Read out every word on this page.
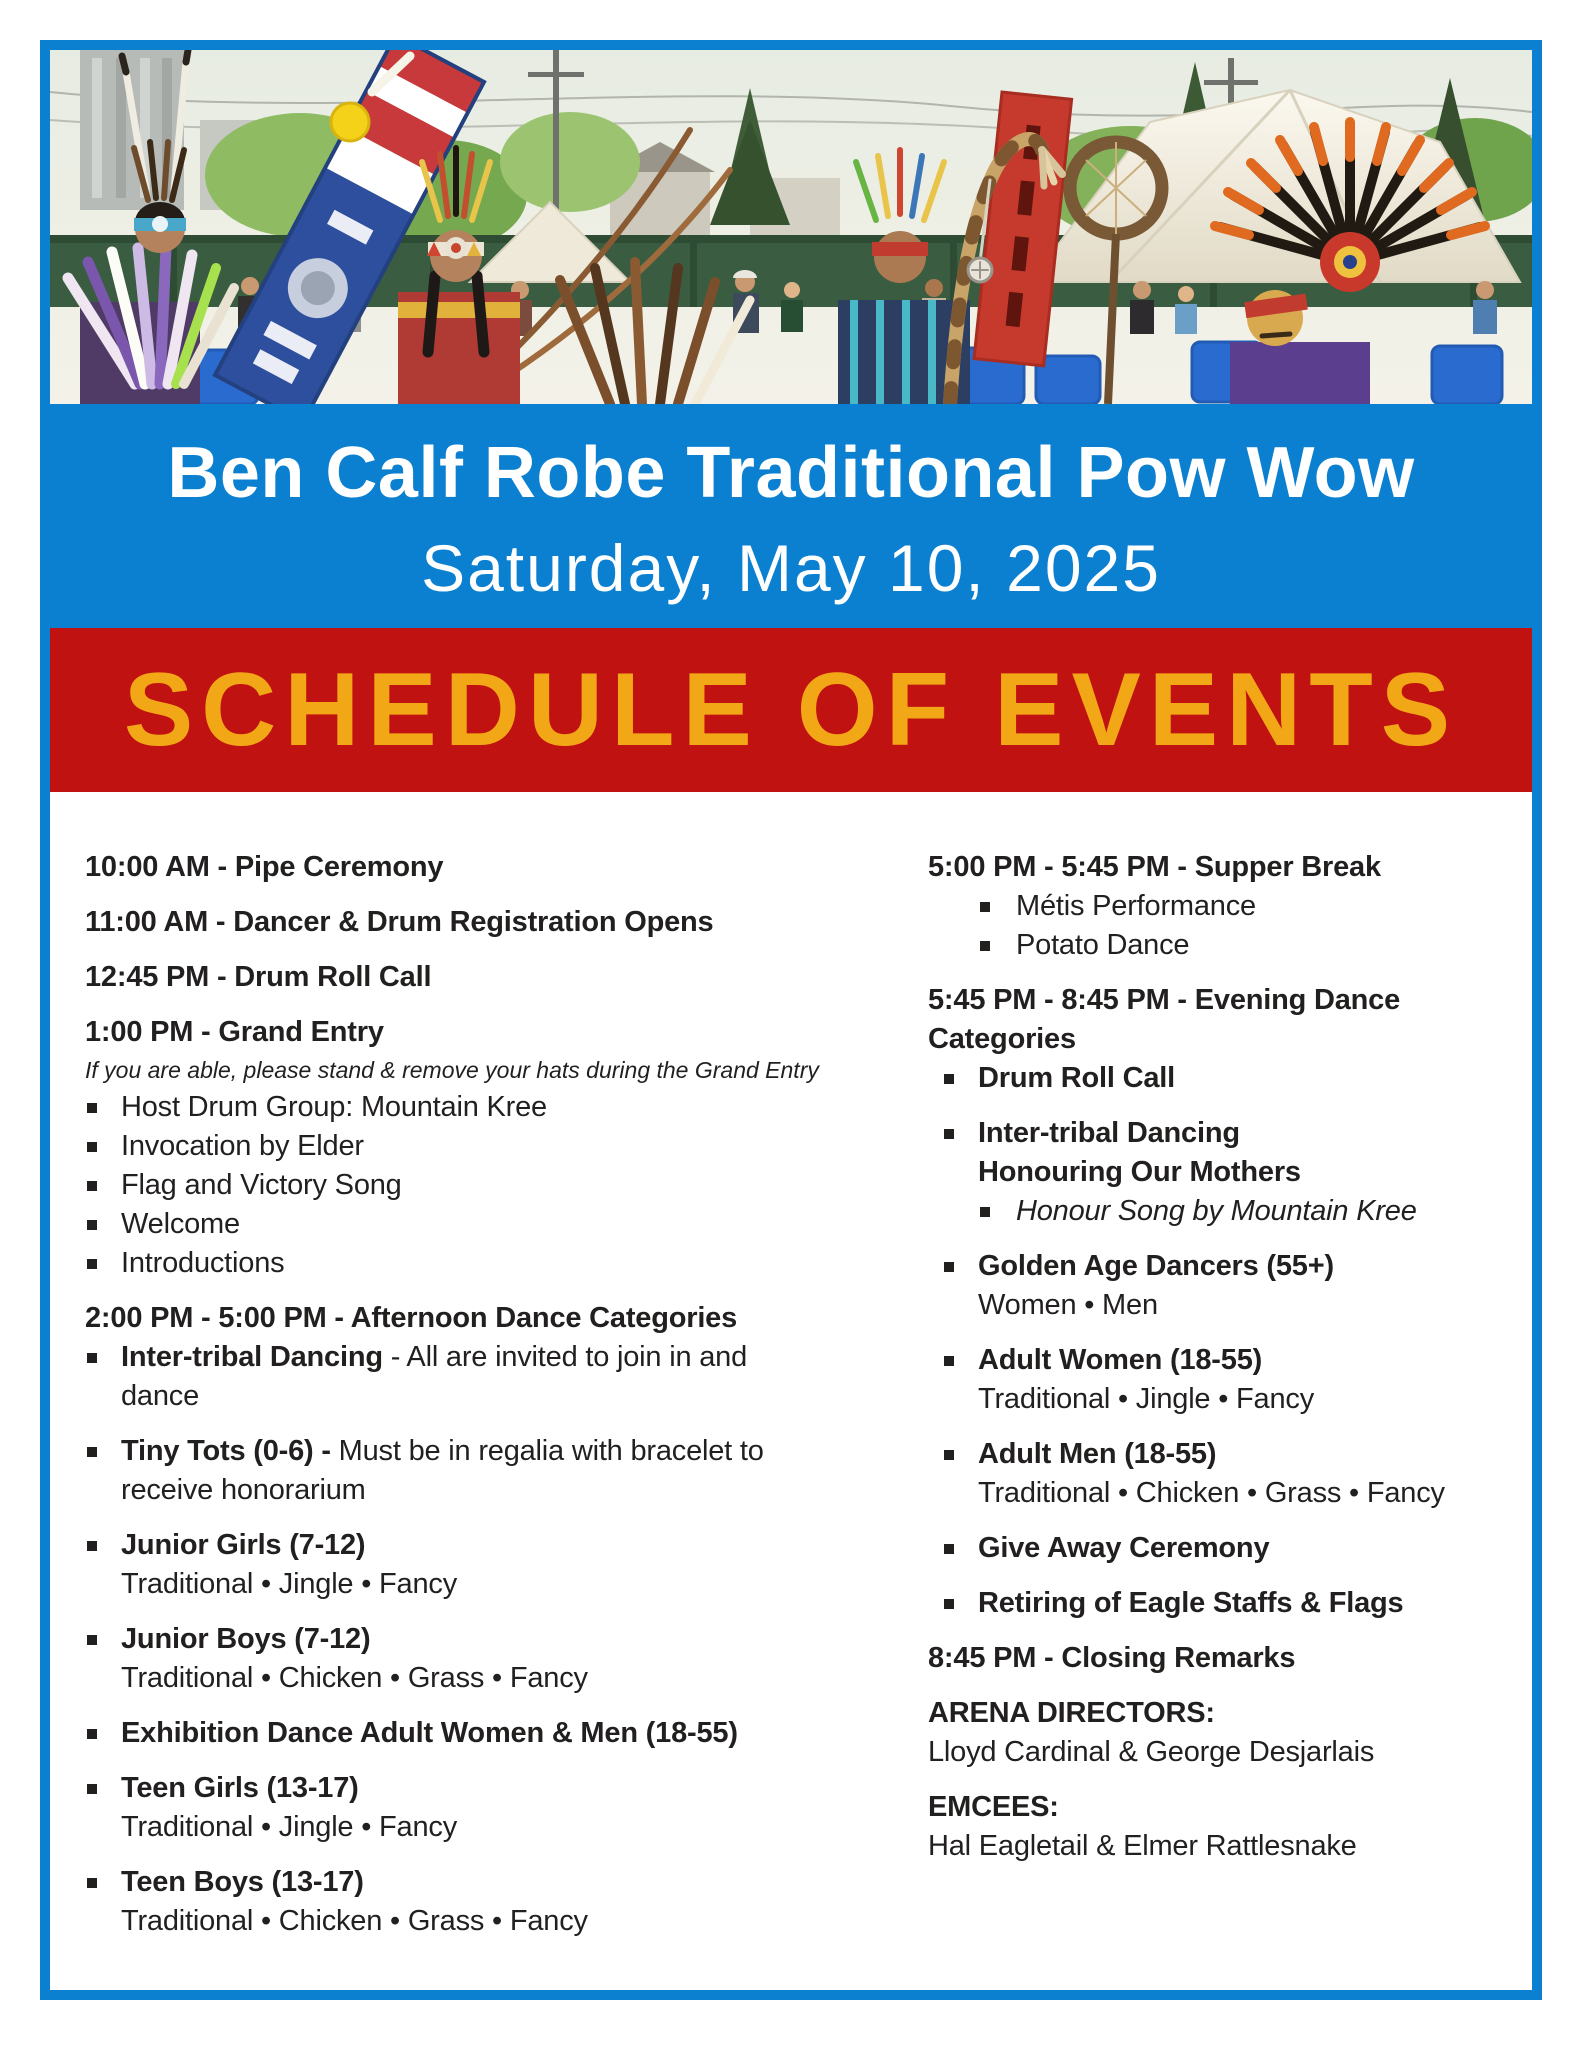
Ben Calf Robe Traditional Pow Wow
Saturday, May 10, 2025
SCHEDULE OF EVENTS
10:00 AM - Pipe Ceremony
11:00 AM - Dancer & Drum Registration Opens
12:45 PM - Drum Roll Call
1:00 PM - Grand Entry
If you are able, please stand & remove your hats during the Grand Entry
Host Drum Group: Mountain Kree
Invocation by Elder
Flag and Victory Song
Welcome
Introductions
2:00 PM - 5:00 PM - Afternoon Dance Categories
Inter-tribal Dancing - All are invited to join in and
dance
Tiny Tots (0-6) - Must be in regalia with bracelet to
receive honorarium
Junior Girls (7-12)
Traditional • Jingle • Fancy
Junior Boys (7-12)
Traditional • Chicken • Grass • Fancy
Exhibition Dance Adult Women & Men (18-55)
Teen Girls (13-17)
Traditional • Jingle • Fancy
Teen Boys (13-17)
Traditional • Chicken • Grass • Fancy
5:00 PM - 5:45 PM - Supper Break
Métis Performance
Potato Dance
5:45 PM - 8:45 PM - Evening Dance
Categories
Drum Roll Call
Inter-tribal Dancing
Honouring Our Mothers
Honour Song by Mountain Kree
Golden Age Dancers (55+)
Women • Men
Adult Women (18-55)
Traditional • Jingle • Fancy
Adult Men (18-55)
Traditional • Chicken • Grass • Fancy
Give Away Ceremony
Retiring of Eagle Staffs & Flags
8:45 PM - Closing Remarks
ARENA DIRECTORS:
Lloyd Cardinal & George Desjarlais
EMCEES:
Hal Eagletail & Elmer Rattlesnake
